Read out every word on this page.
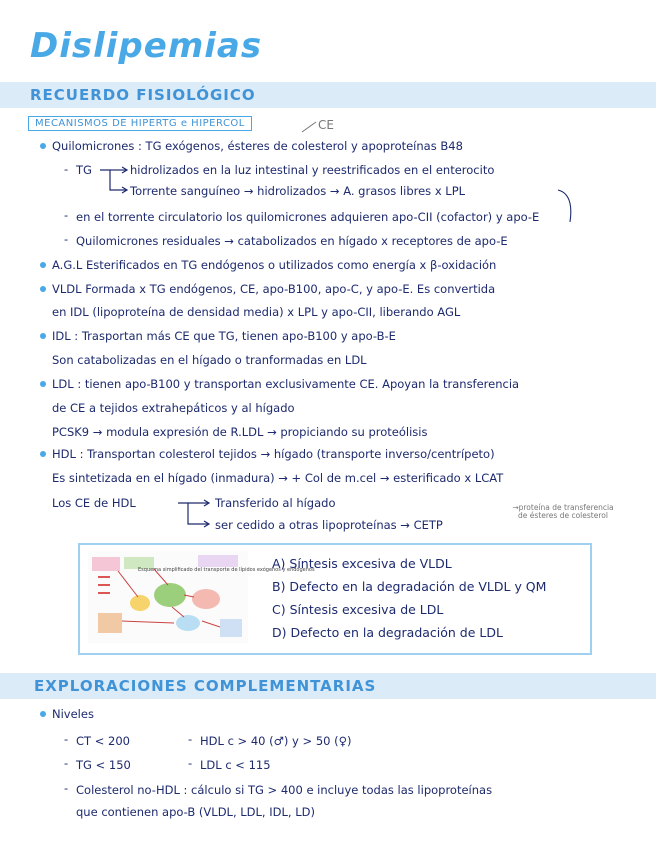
Dislipemias
RECUERDO FISIOLÓGICO
MECANISMOS DE HIPERTG e HIPERCOL	CE
Quilomicrones : TG exógenos, ésteres de colesterol y apoproteínas B48
- TG	hidrolizados en la luz intestinal y reestrificados en el enterocito
Torrente sanguíneo → hidrolizados → A. grasos libres x LPL
- en el torrente circulatorio los quilomicrones adquieren apo-CII (cofactor) y apo-E
- Quilomicrones residuales → catabolizados en hígado x receptores de apo-E
A.G.L Esterificados en TG endógenos o utilizados como energía x β-oxidación
VLDL Formada x TG endógenos, CE, apo-B100, apo-C, y apo-E. Es convertida
en IDL (lipoproteína de densidad media) x LPL y apo-CII, liberando AGL
IDL : Trasportan más CE que TG, tienen apo-B100 y apo-B-E
Son catabolizadas en el hígado o tranformadas en LDL
LDL : tienen apo-B100 y transportan exclusivamente CE. Apoyan la transferencia
de CE a tejidos extrahepáticos y al hígado
PCSK9 → modula expresión de R.LDL → propiciando su proteólisis
HDL : Transportan colesterol tejidos → hígado (transporte inverso/centrípeto)
Es sintetizada en el hígado (inmadura) → + Col de m.cel → esterificado x LCAT
Los CE de HDL	Transferido al hígado
ser cedido a otras lipoproteínas → CETP
→proteína de transferencia
de ésteres de colesterol
Esquema simplificado del transporte de lípidos exógenos y endógenos
A) Síntesis excesiva de VLDL
B) Defecto en la degradación de VLDL y QM
C) Síntesis excesiva de LDL
D) Defecto en la degradación de LDL
EXPLORACIONES COMPLEMENTARIAS
Niveles
- CT < 200	- HDL c > 40 (♂) y > 50 (♀)
- TG < 150	- LDL c < 115
- Colesterol no-HDL : cálculo si TG > 400 e incluye todas las lipoproteínas
que contienen apo-B (VLDL, LDL, IDL, LD)
